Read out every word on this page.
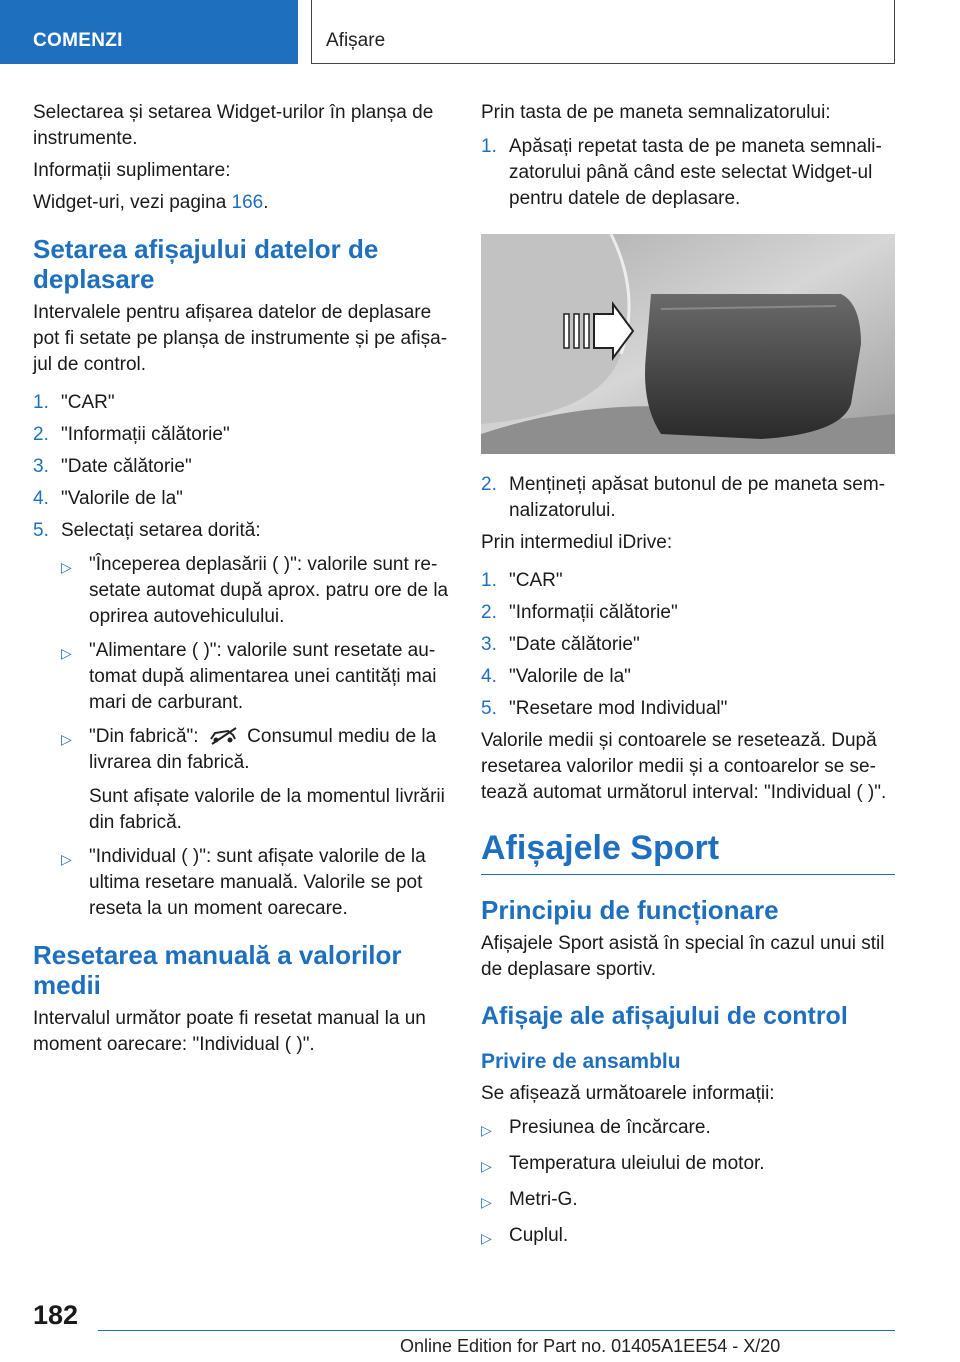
COMENZI	Afișare

Selectarea și setarea Widget-urilor în planșa de instrumente.

Informații suplimentare:

Widget-uri, vezi pagina 166.

Setarea afișajului datelor de deplasare

Intervalele pentru afișarea datelor de deplasare pot fi setate pe planșa de instrumente și pe afișajul de control.

1. "CAR"
2. "Informații călătorie"
3. "Date călătorie"
4. "Valorile de la"
5. Selectați setarea dorită:
▷ "Începerea deplasării ( )": valorile sunt resetate automat după aprox. patru ore de la oprirea autovehiculului.
▷ "Alimentare ( )": valorile sunt resetate automat după alimentarea unei cantități mai mari de carburant.
▷ "Din fabrică":  Consumul mediu de la livrarea din fabrică.

Sunt afișate valorile de la momentul livrării din fabrică.

▷ "Individual ( )": sunt afișate valorile de la ultima resetare manuală. Valorile se pot reseta la un moment oarecare.
Resetarea manuală a valorilor medii

Intervalul următor poate fi resetat manual la un moment oarecare: "Individual ( )".

Prin tasta de pe maneta semnalizatorului:

1. Apăsați repetat tasta de pe maneta semnalizatorului până când este selectat Widget-ul pentru datele de deplasare.
2. Mențineți apăsat butonul de pe maneta semnalizatorului.

Prin intermediul iDrive:

1. "CAR"
2. "Informații călătorie"
3. "Date călătorie"
4. "Valorile de la"
5. "Resetare mod Individual"

Valorile medii și contoarele se resetează. După resetarea valorilor medii și a contoarelor se setează automat următorul interval: "Individual ( )".

Afișajele Sport
Principiu de funcționare

Afișajele Sport asistă în special în cazul unui stil de deplasare sportiv.

Afișaje ale afișajului de control
Privire de ansamblu

Se afișează următoarele informații:

▷ Presiunea de încărcare.
▷ Temperatura uleiului de motor.
▷ Metri-G.
▷ Cuplul.
182
Online Edition for Part no. 01405A1EE54 - X/20
